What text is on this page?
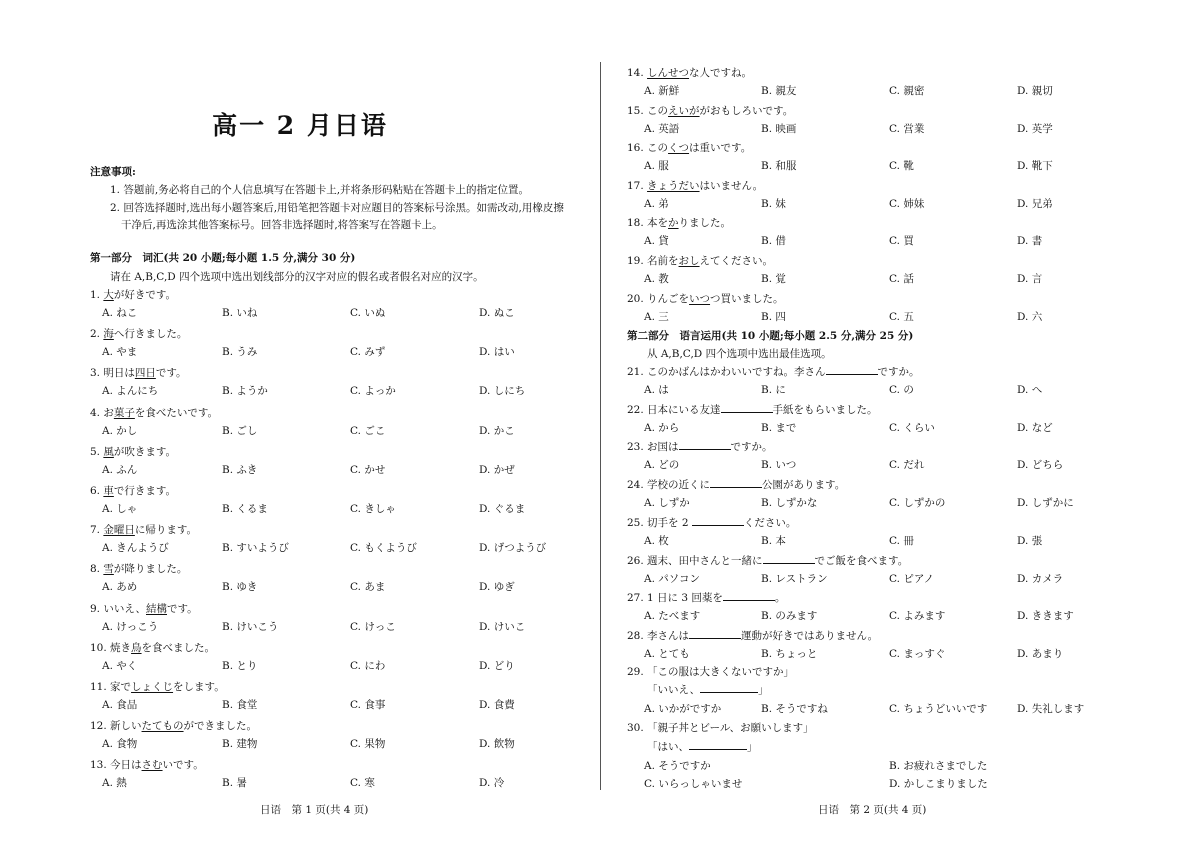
高一 2 月日语
注意事项:
1. 答题前,务必将自己的个人信息填写在答题卡上,并将条形码粘贴在答题卡上的指定位置。
2. 回答选择题时,选出每小题答案后,用铅笔把答题卡对应题目的答案标号涂黑。如需改动,用橡皮擦
干净后,再选涂其他答案标号。回答非选择题时,将答案写在答题卡上。
第一部分　词汇(共 20 小题;每小题 1.5 分,满分 30 分)
请在 A,B,C,D 四个选项中选出划线部分的汉字对应的假名或者假名对应的汉字。
1. 大が好きです。
A. ねこ	B. いね	C. いぬ	D. ぬこ
2. 海へ行きました。
A. やま	B. うみ	C. みず	D. はい
3. 明日は四日です。
A. よんにち	B. ようか	C. よっか	D. しにち
4. お菓子を食べたいです。
A. かし	B. ごし	C. ごこ	D. かこ
5. 風が吹きます。
A. ふん	B. ふき	C. かせ	D. かぜ
6. 車で行きます。
A. しゃ	B. くるま	C. きしゃ	D. ぐるま
7. 金曜日に帰ります。
A. きんようび	B. すいようび	C. もくようび	D. げつようび
8. 雪が降りました。
A. あめ	B. ゆき	C. あま	D. ゆぎ
9. いいえ、結構です。
A. けっこう	B. けいこう	C. けっこ	D. けいこ
10. 焼き鳥を食べました。
A. やく	B. とり	C. にわ	D. どり
11. 家でしょくじをします。
A. 食品	B. 食堂	C. 食事	D. 食費
12. 新しいたてものができました。
A. 食物	B. 建物	C. 果物	D. 飲物
13. 今日はさむいです。
A. 熱	B. 暑	C. 寒	D. 冷
日语　第 1 页(共 4 页)
14. しんせつな人ですね。
A. 新鮮	B. 親友	C. 親密	D. 親切
15. このえいががおもしろいです。
A. 英語	B. 映画	C. 営業	D. 英学
16. このくつは重いです。
A. 服	B. 和服	C. 靴	D. 靴下
17. きょうだいはいません。
A. 弟	B. 妹	C. 姉妹	D. 兄弟
18. 本をかりました。
A. 貸	B. 借	C. 買	D. 書
19. 名前をおしえてください。
A. 教	B. 覚	C. 話	D. 言
20. りんごをいつつ買いました。
A. 三	B. 四	C. 五	D. 六
第二部分　语言运用(共 10 小题;每小题 2.5 分,满分 25 分)
从 A,B,C,D 四个选项中选出最佳选项。
21. このかばんはかわいいですね。李さん	ですか。
A. は	B. に	C. の	D. へ
22. 日本にいる友達	手紙をもらいました。
A. から	B. まで	C. くらい	D. など
23. お国は	ですか。
A. どの	B. いつ	C. だれ	D. どちら
24. 学校の近くに	公園があります。
A. しずか	B. しずかな	C. しずかの	D. しずかに
25. 切手を 2	ください。
A. 枚	B. 本	C. 冊	D. 張
26. 週末、田中さんと一緒に	でご飯を食べます。
A. パソコン	B. レストラン	C. ピアノ	D. カメラ
27. 1 日に 3 回薬を	。
A. たべます	B. のみます	C. よみます	D. ききます
28. 李さんは	運動が好きではありません。
A. とても	B. ちょっと	C. まっすぐ	D. あまり
29. 「この服は大きくないですか」
「いいえ、	」
A. いかがですか	B. そうですね	C. ちょうどいいです	D. 失礼します
30. 「親子丼とビール、お願いします」
「はい、	」
A. そうですか	B. お疲れさまでした
C. いらっしゃいませ	D. かしこまりました
日语　第 2 页(共 4 页)
